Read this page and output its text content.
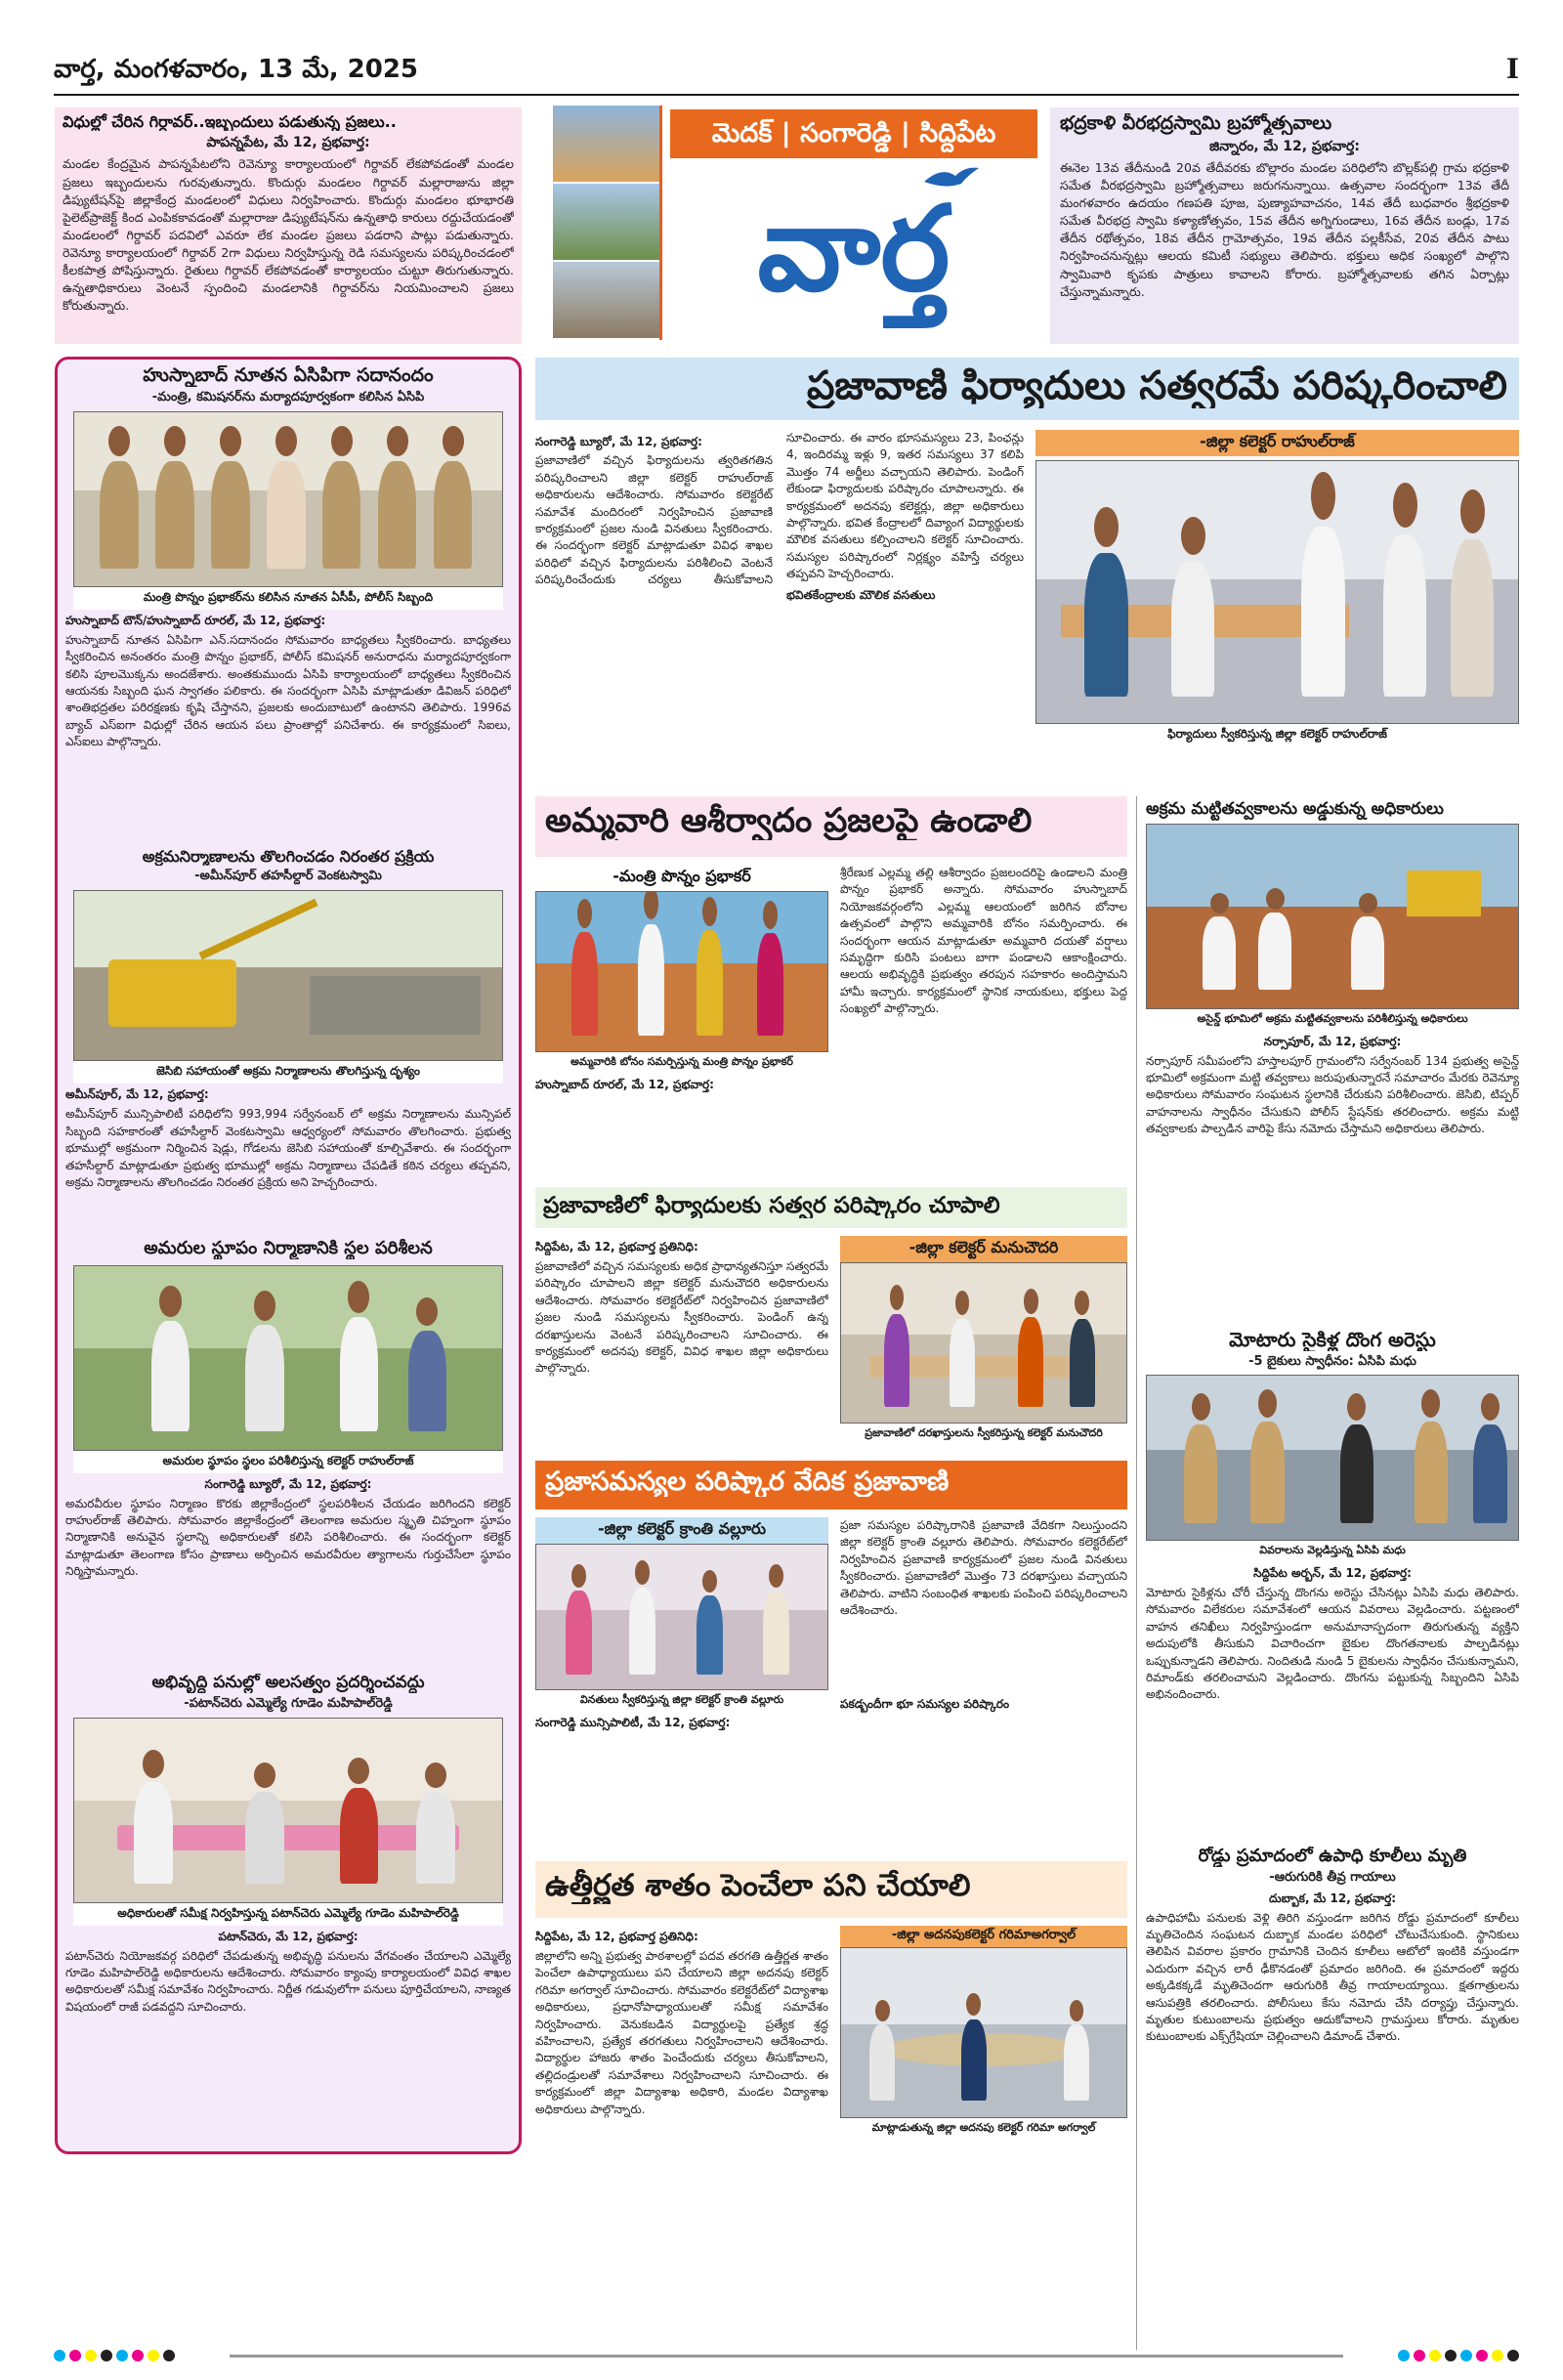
వార్త, మంగళవారం, 13 మే, 2025	I
విధుల్లో చేరిన గిర్దావర్..ఇబ్బందులు పడుతున్న ప్రజలు..
పాపన్నపేట, మే 12, ప్రభవార్త:
మండల కేంద్రమైన పాపన్నపేటలోని రెవెన్యూ కార్యాలయంలో గిర్దావర్ లేకపోవడంతో మండల ప్రజలు ఇబ్బందులను గురవుతున్నారు. కొందుర్గు మండలం గిర్దావర్ మల్లారాజును జిల్లా డిప్యుటేషన్‌పై జిల్లాకేంద్ర మండలంలో విధులు నిర్వహించారు. కొందుర్గు మండలం భూభారతి పైలెట్‌ప్రాజెక్ట్ కింద ఎంపికకావడంతో మల్లారాజు డిప్యుటేషన్‌ను ఉన్నతాధి కారులు రద్దుచేయడంతో మండలంలో గిర్దావర్ పదవిలో ఎవరూ లేక మండల ప్రజలు పడరాని పాట్లు పడుతున్నారు. రెవెన్యూ కార్యాలయంలో గిర్దావర్ 2గా విధులు నిర్వహిస్తున్న రెడి సమస్యలను పరిష్కరించడంలో కీలకపాత్ర పోషిస్తున్నారు. రైతులు గిర్దావర్ లేకపోవడంతో కార్యాలయం చుట్టూ తిరుగుతున్నారు. ఉన్నతాధికారులు వెంటనే స్పందించి మండలానికి గిర్దావర్‌ను నియమించాలని ప్రజలు కోరుతున్నారు.
మెదక్ | సంగారెడ్డి | సిద్దిపేట
వార్త
భద్రకాళి వీరభద్రస్వామి బ్రహ్మోత్సవాలు
జిన్నారం, మే 12, ప్రభవార్త:
ఈనెల 13వ తేదీనుండి 20వ తేదీవరకు బొల్లారం మండల పరిధిలోని బొల్లక్‌పల్లి గ్రామ భద్రకాళి సమేత వీరభద్రస్వామి బ్రహ్మోత్సవాలు జరుగనున్నాయి. ఉత్సవాల సందర్భంగా 13వ తేదీ మంగళవారం ఉదయం గణపతి పూజ, పుణ్యాహవాచనం, 14వ తేదీ బుధవారం శ్రీభద్రకాళి సమేత వీరభద్ర స్వామి కళ్యాణోత్సవం, 15వ తేదీన అగ్నిగుండాలు, 16వ తేదీన బండ్లు, 17వ తేదీన రథోత్సవం, 18వ తేదీన గ్రామోత్సవం, 19వ తేదీన పల్లకీసేవ, 20వ తేదీన పాటు నిర్వహించనున్నట్లు ఆలయ కమిటీ సభ్యులు తెలిపారు. భక్తులు అధిక సంఖ్యలో పాల్గొని స్వామివారి కృపకు పాత్రులు కావాలని కోరారు. బ్రహ్మోత్సవాలకు తగిన ఏర్పాట్లు చేస్తున్నామన్నారు.
హుస్నాబాద్ నూతన ఏసిపిగా సదానందం
-మంత్రి, కమిషనర్‌ను మర్యాదపూర్వకంగా కలిసిన ఏసిపి
మంత్రి పొన్నం ప్రభాకర్‌ను కలిసిన నూతన ఏసీపీ, పోలీస్ సిబ్బంది
హుస్నాబాద్ టౌన్/హుస్నాబాద్ రూరల్, మే 12, ప్రభవార్త:
హుస్నాబాద్ నూతన ఏసిపిగా ఎన్.సదానందం సోమవారం బాధ్యతలు స్వీకరించారు. బాధ్యతలు స్వీకరించిన అనంతరం మంత్రి పొన్నం ప్రభాకర్, పోలీస్ కమిషనర్ అనురాధను మర్యాదపూర్వకంగా కలిసి పూలమొక్కను అందజేశారు. అంతకుముందు ఏసిపి కార్యాలయంలో బాధ్యతలు స్వీకరించిన ఆయనకు సిబ్బంది ఘన స్వాగతం పలికారు. ఈ సందర్భంగా ఏసిపి మాట్లాడుతూ డివిజన్ పరిధిలో శాంతిభద్రతల పరిరక్షణకు కృషి చేస్తానని, ప్రజలకు అందుబాటులో ఉంటానని తెలిపారు. 1996వ బ్యాచ్ ఎస్ఐగా విధుల్లో చేరిన ఆయన పలు ప్రాంతాల్లో పనిచేశారు. ఈ కార్యక్రమంలో సిఐలు, ఎస్ఐలు పాల్గొన్నారు.
అక్రమనిర్మాణాలను తొలగించడం నిరంతర ప్రక్రియ
-అమీన్‌పూర్ తహసీల్దార్ వెంకటస్వామి
జెసిబి సహాయంతో అక్రమ నిర్మాణాలను తొలగిస్తున్న దృశ్యం
అమీన్‌పూర్, మే 12, ప్రభవార్త:
అమీన్‌పూర్ మున్సిపాలిటీ పరిధిలోని 993,994 సర్వేనంబర్ లో అక్రమ నిర్మాణాలను మున్సిపల్ సిబ్బంది సహకారంతో తహసీల్దార్ వెంకటస్వామి ఆధ్వర్యంలో సోమవారం తొలగించారు. ప్రభుత్వ భూముల్లో అక్రమంగా నిర్మించిన షెడ్లు, గోడలను జెసిబి సహాయంతో కూల్చివేశారు. ఈ సందర్భంగా తహసీల్దార్ మాట్లాడుతూ ప్రభుత్వ భూముల్లో అక్రమ నిర్మాణాలు చేపడితే కఠిన చర్యలు తప్పవని, అక్రమ నిర్మాణాలను తొలగించడం నిరంతర ప్రక్రియ అని హెచ్చరించారు.
అమరుల స్థూపం నిర్మాణానికి స్థల పరిశీలన
అమరుల స్థూపం స్థలం పరిశీలిస్తున్న కలెక్టర్ రాహుల్‌రాజ్
సంగారెడ్డి బ్యూరో, మే 12, ప్రభవార్త:
అమరవీరుల స్థూపం నిర్మాణం కొరకు జిల్లాకేంద్రంలో స్థలపరిశీలన చేయడం జరిగిందని కలెక్టర్ రాహుల్‌రాజ్ తెలిపారు. సోమవారం జిల్లాకేంద్రంలో తెలంగాణ అమరుల స్మృతి చిహ్నంగా స్థూపం నిర్మాణానికి అనువైన స్థలాన్ని అధికారులతో కలిసి పరిశీలించారు. ఈ సందర్భంగా కలెక్టర్ మాట్లాడుతూ తెలంగాణ కోసం ప్రాణాలు అర్పించిన అమరవీరుల త్యాగాలను గుర్తుచేసేలా స్థూపం నిర్మిస్తామన్నారు.
అభివృద్ధి పనుల్లో అలసత్వం ప్రదర్శించవద్దు
-పటాన్‌చెరు ఎమ్మెల్యే గూడెం మహిపాల్‌రెడ్డి
అధికారులతో సమీక్ష నిర్వహిస్తున్న పటాన్‌చెరు ఎమ్మెల్యే గూడెం మహిపాల్‌రెడ్డి
పటాన్‌చెరు, మే 12, ప్రభవార్త:
పటాన్‌చెరు నియోజకవర్గ పరిధిలో చేపడుతున్న అభివృద్ధి పనులను వేగవంతం చేయాలని ఎమ్మెల్యే గూడెం మహిపాల్‌రెడ్డి అధికారులను ఆదేశించారు. సోమవారం క్యాంపు కార్యాలయంలో వివిధ శాఖల అధికారులతో సమీక్ష సమావేశం నిర్వహించారు. నిర్ణీత గడువులోగా పనులు పూర్తిచేయాలని, నాణ్యత విషయంలో రాజీ పడవద్దని సూచించారు.
ప్రజావాణి ఫిర్యాదులు సత్వరమే పరిష్కరించాలి
సంగారెడ్డి బ్యూరో, మే 12, ప్రభవార్త:
ప్రజావాణిలో వచ్చిన ఫిర్యాదులను త్వరితగతిన పరిష్కరించాలని జిల్లా కలెక్టర్ రాహుల్‌రాజ్ అధికారులను ఆదేశించారు. సోమవారం కలెక్టరేట్ సమావేశ మందిరంలో నిర్వహించిన ప్రజావాణి కార్యక్రమంలో ప్రజల నుండి వినతులు స్వీకరించారు. ఈ సందర్భంగా కలెక్టర్ మాట్లాడుతూ వివిధ శాఖల పరిధిలో వచ్చిన ఫిర్యాదులను పరిశీలించి వెంటనే పరిష్కరించేందుకు చర్యలు తీసుకోవాలని సూచించారు. ఈ వారం భూసమస్యలు 23, పింఛన్లు 4, ఇందిరమ్మ ఇళ్లు 9, ఇతర సమస్యలు 37 కలిపి మొత్తం 74 అర్జీలు వచ్చాయని తెలిపారు. పెండింగ్ లేకుండా ఫిర్యాదులకు పరిష్కారం చూపాలన్నారు. ఈ కార్యక్రమంలో అదనపు కలెక్టర్లు, జిల్లా అధికారులు పాల్గొన్నారు. భవిత కేంద్రాలలో దివ్యాంగ విద్యార్థులకు మౌలిక వసతులు కల్పించాలని కలెక్టర్ సూచించారు. సమస్యల పరిష్కారంలో నిర్లక్ష్యం వహిస్తే చర్యలు తప్పవని హెచ్చరించారు.
భవితకేంద్రాలకు మౌలిక వసతులు
-జిల్లా కలెక్టర్ రాహుల్‌రాజ్
ఫిర్యాదులు స్వీకరిస్తున్న జిల్లా కలెక్టర్ రాహుల్‌రాజ్
అమ్మవారి ఆశీర్వాదం ప్రజలపై ఉండాలి
-మంత్రి పొన్నం ప్రభాకర్
అమ్మవారికి బోనం సమర్పిస్తున్న మంత్రి పొన్నం ప్రభాకర్
హుస్నాబాద్ రూరల్, మే 12, ప్రభవార్త:
శ్రీరేణుక ఎల్లమ్మ తల్లి ఆశీర్వాదం ప్రజలందరిపై ఉండాలని మంత్రి పొన్నం ప్రభాకర్ అన్నారు. సోమవారం హుస్నాబాద్ నియోజకవర్గంలోని ఎల్లమ్మ ఆలయంలో జరిగిన బోనాల ఉత్సవంలో పాల్గొని అమ్మవారికి బోనం సమర్పించారు. ఈ సందర్భంగా ఆయన మాట్లాడుతూ అమ్మవారి దయతో వర్షాలు సమృద్ధిగా కురిసి పంటలు బాగా పండాలని ఆకాంక్షించారు. ఆలయ అభివృద్ధికి ప్రభుత్వం తరపున సహకారం అందిస్తామని హామీ ఇచ్చారు. కార్యక్రమంలో స్థానిక నాయకులు, భక్తులు పెద్ద సంఖ్యలో పాల్గొన్నారు.
ప్రజావాణిలో ఫిర్యాదులకు సత్వర పరిష్కారం చూపాలి
సిద్దిపేట, మే 12, ప్రభవార్త ప్రతినిధి:
ప్రజావాణిలో వచ్చిన సమస్యలకు అధిక ప్రాధాన్యతనిస్తూ సత్వరమే పరిష్కారం చూపాలని జిల్లా కలెక్టర్ మనుచౌదరి అధికారులను ఆదేశించారు. సోమవారం కలెక్టరేట్‌లో నిర్వహించిన ప్రజావాణిలో ప్రజల నుండి సమస్యలను స్వీకరించారు. పెండింగ్ ఉన్న దరఖాస్తులను వెంటనే పరిష్కరించాలని సూచించారు. ఈ కార్యక్రమంలో అదనపు కలెక్టర్, వివిధ శాఖల జిల్లా అధికారులు పాల్గొన్నారు.
-జిల్లా కలెక్టర్ మనుచౌదరి
ప్రజావాణిలో దరఖాస్తులను స్వీకరిస్తున్న కలెక్టర్ మనుచౌదరి
ప్రజాసమస్యల పరిష్కార వేదిక ప్రజావాణి
-జిల్లా కలెక్టర్ క్రాంతి వల్లూరు
వినతులు స్వీకరిస్తున్న జిల్లా కలెక్టర్ క్రాంతి వల్లూరు
సంగారెడ్డి మున్సిపాలిటీ, మే 12, ప్రభవార్త:
ప్రజా సమస్యల పరిష్కారానికి ప్రజావాణి వేదికగా నిలుస్తుందని జిల్లా కలెక్టర్ క్రాంతి వల్లూరు తెలిపారు. సోమవారం కలెక్టరేట్‌లో నిర్వహించిన ప్రజావాణి కార్యక్రమంలో ప్రజల నుండి వినతులు స్వీకరించారు. ప్రజావాణిలో మొత్తం 73 దరఖాస్తులు వచ్చాయని తెలిపారు. వాటిని సంబంధిత శాఖలకు పంపించి పరిష్కరించాలని ఆదేశించారు.
పకడ్బందీగా భూ సమస్యల పరిష్కారం
ఉత్తీర్ణత శాతం పెంచేలా పని చేయాలి
సిద్దిపేట, మే 12, ప్రభవార్త ప్రతినిధి:
జిల్లాలోని అన్ని ప్రభుత్వ పాఠశాలల్లో పదవ తరగతి ఉత్తీర్ణత శాతం పెంచేలా ఉపాధ్యాయులు పని చేయాలని జిల్లా అదనపు కలెక్టర్ గరిమా అగర్వాల్ సూచించారు. సోమవారం కలెక్టరేట్‌లో విద్యాశాఖ అధికారులు, ప్రధానోపాధ్యాయులతో సమీక్ష సమావేశం నిర్వహించారు. వెనుకబడిన విద్యార్థులపై ప్రత్యేక శ్రద్ధ వహించాలని, ప్రత్యేక తరగతులు నిర్వహించాలని ఆదేశించారు. విద్యార్థుల హాజరు శాతం పెంచేందుకు చర్యలు తీసుకోవాలని, తల్లిదండ్రులతో సమావేశాలు నిర్వహించాలని సూచించారు. ఈ కార్యక్రమంలో జిల్లా విద్యాశాఖ అధికారి, మండల విద్యాశాఖ అధికారులు పాల్గొన్నారు.
-జిల్లా అదనపుకలెక్టర్ గరిమాఅగర్వాల్
మాట్లాడుతున్న జిల్లా అదనపు కలెక్టర్ గరిమా అగర్వాల్
అక్రమ మట్టితవ్వకాలను అడ్డుకున్న అధికారులు
అసైన్డ్ భూమిలో అక్రమ మట్టితవ్వకాలను పరిశీలిస్తున్న అధికారులు
నర్సాపూర్, మే 12, ప్రభవార్త:
నర్సాపూర్ సమీపంలోని హస్తాలపూర్ గ్రామంలోని సర్వేనంబర్ 134 ప్రభుత్వ అసైన్డ్ భూమిలో అక్రమంగా మట్టి తవ్వకాలు జరుపుతున్నారనే సమాచారం మేరకు రెవెన్యూ అధికారులు సోమవారం సంఘటన స్థలానికి చేరుకుని పరిశీలించారు. జెసిబి, టిప్పర్ వాహనాలను స్వాధీనం చేసుకుని పోలీస్ స్టేషన్‌కు తరలించారు. అక్రమ మట్టి తవ్వకాలకు పాల్పడిన వారిపై కేసు నమోదు చేస్తామని అధికారులు తెలిపారు.
మోటారు సైకిళ్ల దొంగ అరెస్టు
-5 బైకులు స్వాధీనం: ఏసిపి మధు
వివరాలను వెల్లడిస్తున్న ఏసిపి మధు
సిద్దిపేట అర్బన్, మే 12, ప్రభవార్త:
మోటారు సైకిళ్లను చోరీ చేస్తున్న దొంగను అరెస్టు చేసినట్లు ఏసిపి మధు తెలిపారు. సోమవారం విలేకరుల సమావేశంలో ఆయన వివరాలు వెల్లడించారు. పట్టణంలో వాహన తనిఖీలు నిర్వహిస్తుండగా అనుమానాస్పదంగా తిరుగుతున్న వ్యక్తిని అదుపులోకి తీసుకుని విచారించగా బైకుల దొంగతనాలకు పాల్పడినట్లు ఒప్పుకున్నాడని తెలిపారు. నిందితుడి నుండి 5 బైకులను స్వాధీనం చేసుకున్నామని, రిమాండ్‌కు తరలించామని వెల్లడించారు. దొంగను పట్టుకున్న సిబ్బందిని ఏసిపి అభినందించారు.
రోడ్డు ప్రమాదంలో ఉపాధి కూలీలు మృతి
-ఆరుగురికి తీవ్ర గాయాలు
దుబ్బాక, మే 12, ప్రభవార్త:
ఉపాధిహామీ పనులకు వెళ్లి తిరిగి వస్తుండగా జరిగిన రోడ్డు ప్రమాదంలో కూలీలు మృతిచెందిన సంఘటన దుబ్బాక మండల పరిధిలో చోటుచేసుకుంది. స్థానికులు తెలిపిన వివరాల ప్రకారం గ్రామానికి చెందిన కూలీలు ఆటోలో ఇంటికి వస్తుండగా ఎదురుగా వచ్చిన లారీ ఢీకొనడంతో ప్రమాదం జరిగింది. ఈ ప్రమాదంలో ఇద్దరు అక్కడికక్కడే మృతిచెందగా ఆరుగురికి తీవ్ర గాయాలయ్యాయి. క్షతగాత్రులను ఆసుపత్రికి తరలించారు. పోలీసులు కేసు నమోదు చేసి దర్యాప్తు చేస్తున్నారు. మృతుల కుటుంబాలను ప్రభుత్వం ఆదుకోవాలని గ్రామస్తులు కోరారు. మృతుల కుటుంబాలకు ఎక్స్‌గ్రేషియా చెల్లించాలని డిమాండ్ చేశారు.
